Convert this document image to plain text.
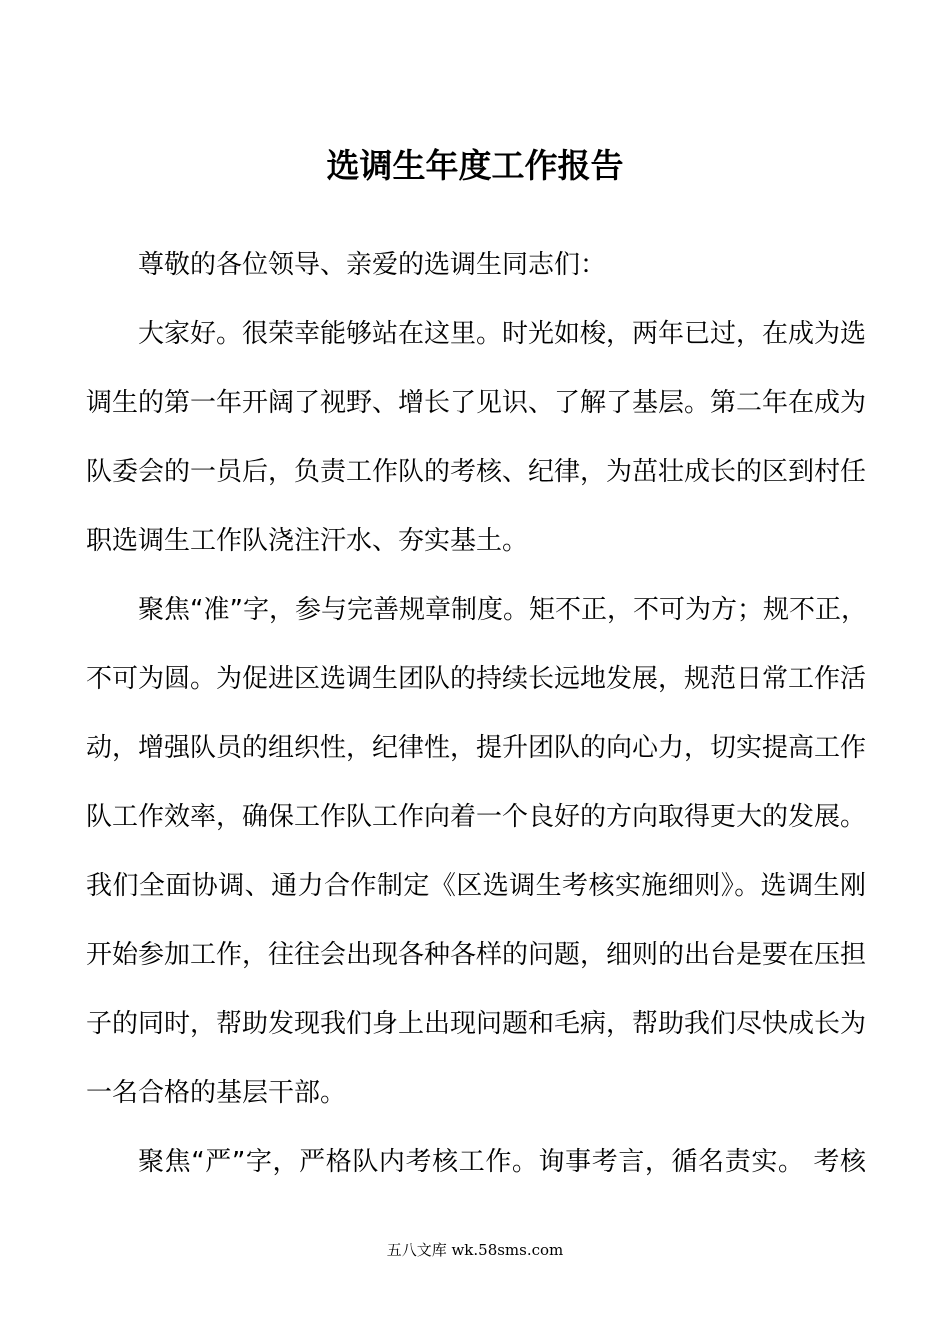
选调生年度工作报告
尊敬的各位领导、亲爱的选调生同志们：
大家好。很荣幸能够站在这里。时光如梭，两年已过，在成为选
调生的第一年开阔了视野、增长了见识、了解了基层。第二年在成为
队委会的一员后，负责工作队的考核、纪律，为茁壮成长的区到村任
职选调生工作队浇注汗水、夯实基土。
聚焦“准”字，参与完善规章制度。矩不正，不可为方；规不正，
不可为圆。为促进区选调生团队的持续长远地发展，规范日常工作活
动，增强队员的组织性，纪律性，提升团队的向心力，切实提高工作
队工作效率，确保工作队工作向着一个良好的方向取得更大的发展。
我们全面协调、通力合作制定《区选调生考核实施细则》。选调生刚
开始参加工作，往往会出现各种各样的问题，细则的出台是要在压担
子的同时，帮助发现我们身上出现问题和毛病，帮助我们尽快成长为
一名合格的基层干部。
聚焦“严”字，严格队内考核工作。询事考言，循名责实。 考核
五八文库 wk.58sms.com
